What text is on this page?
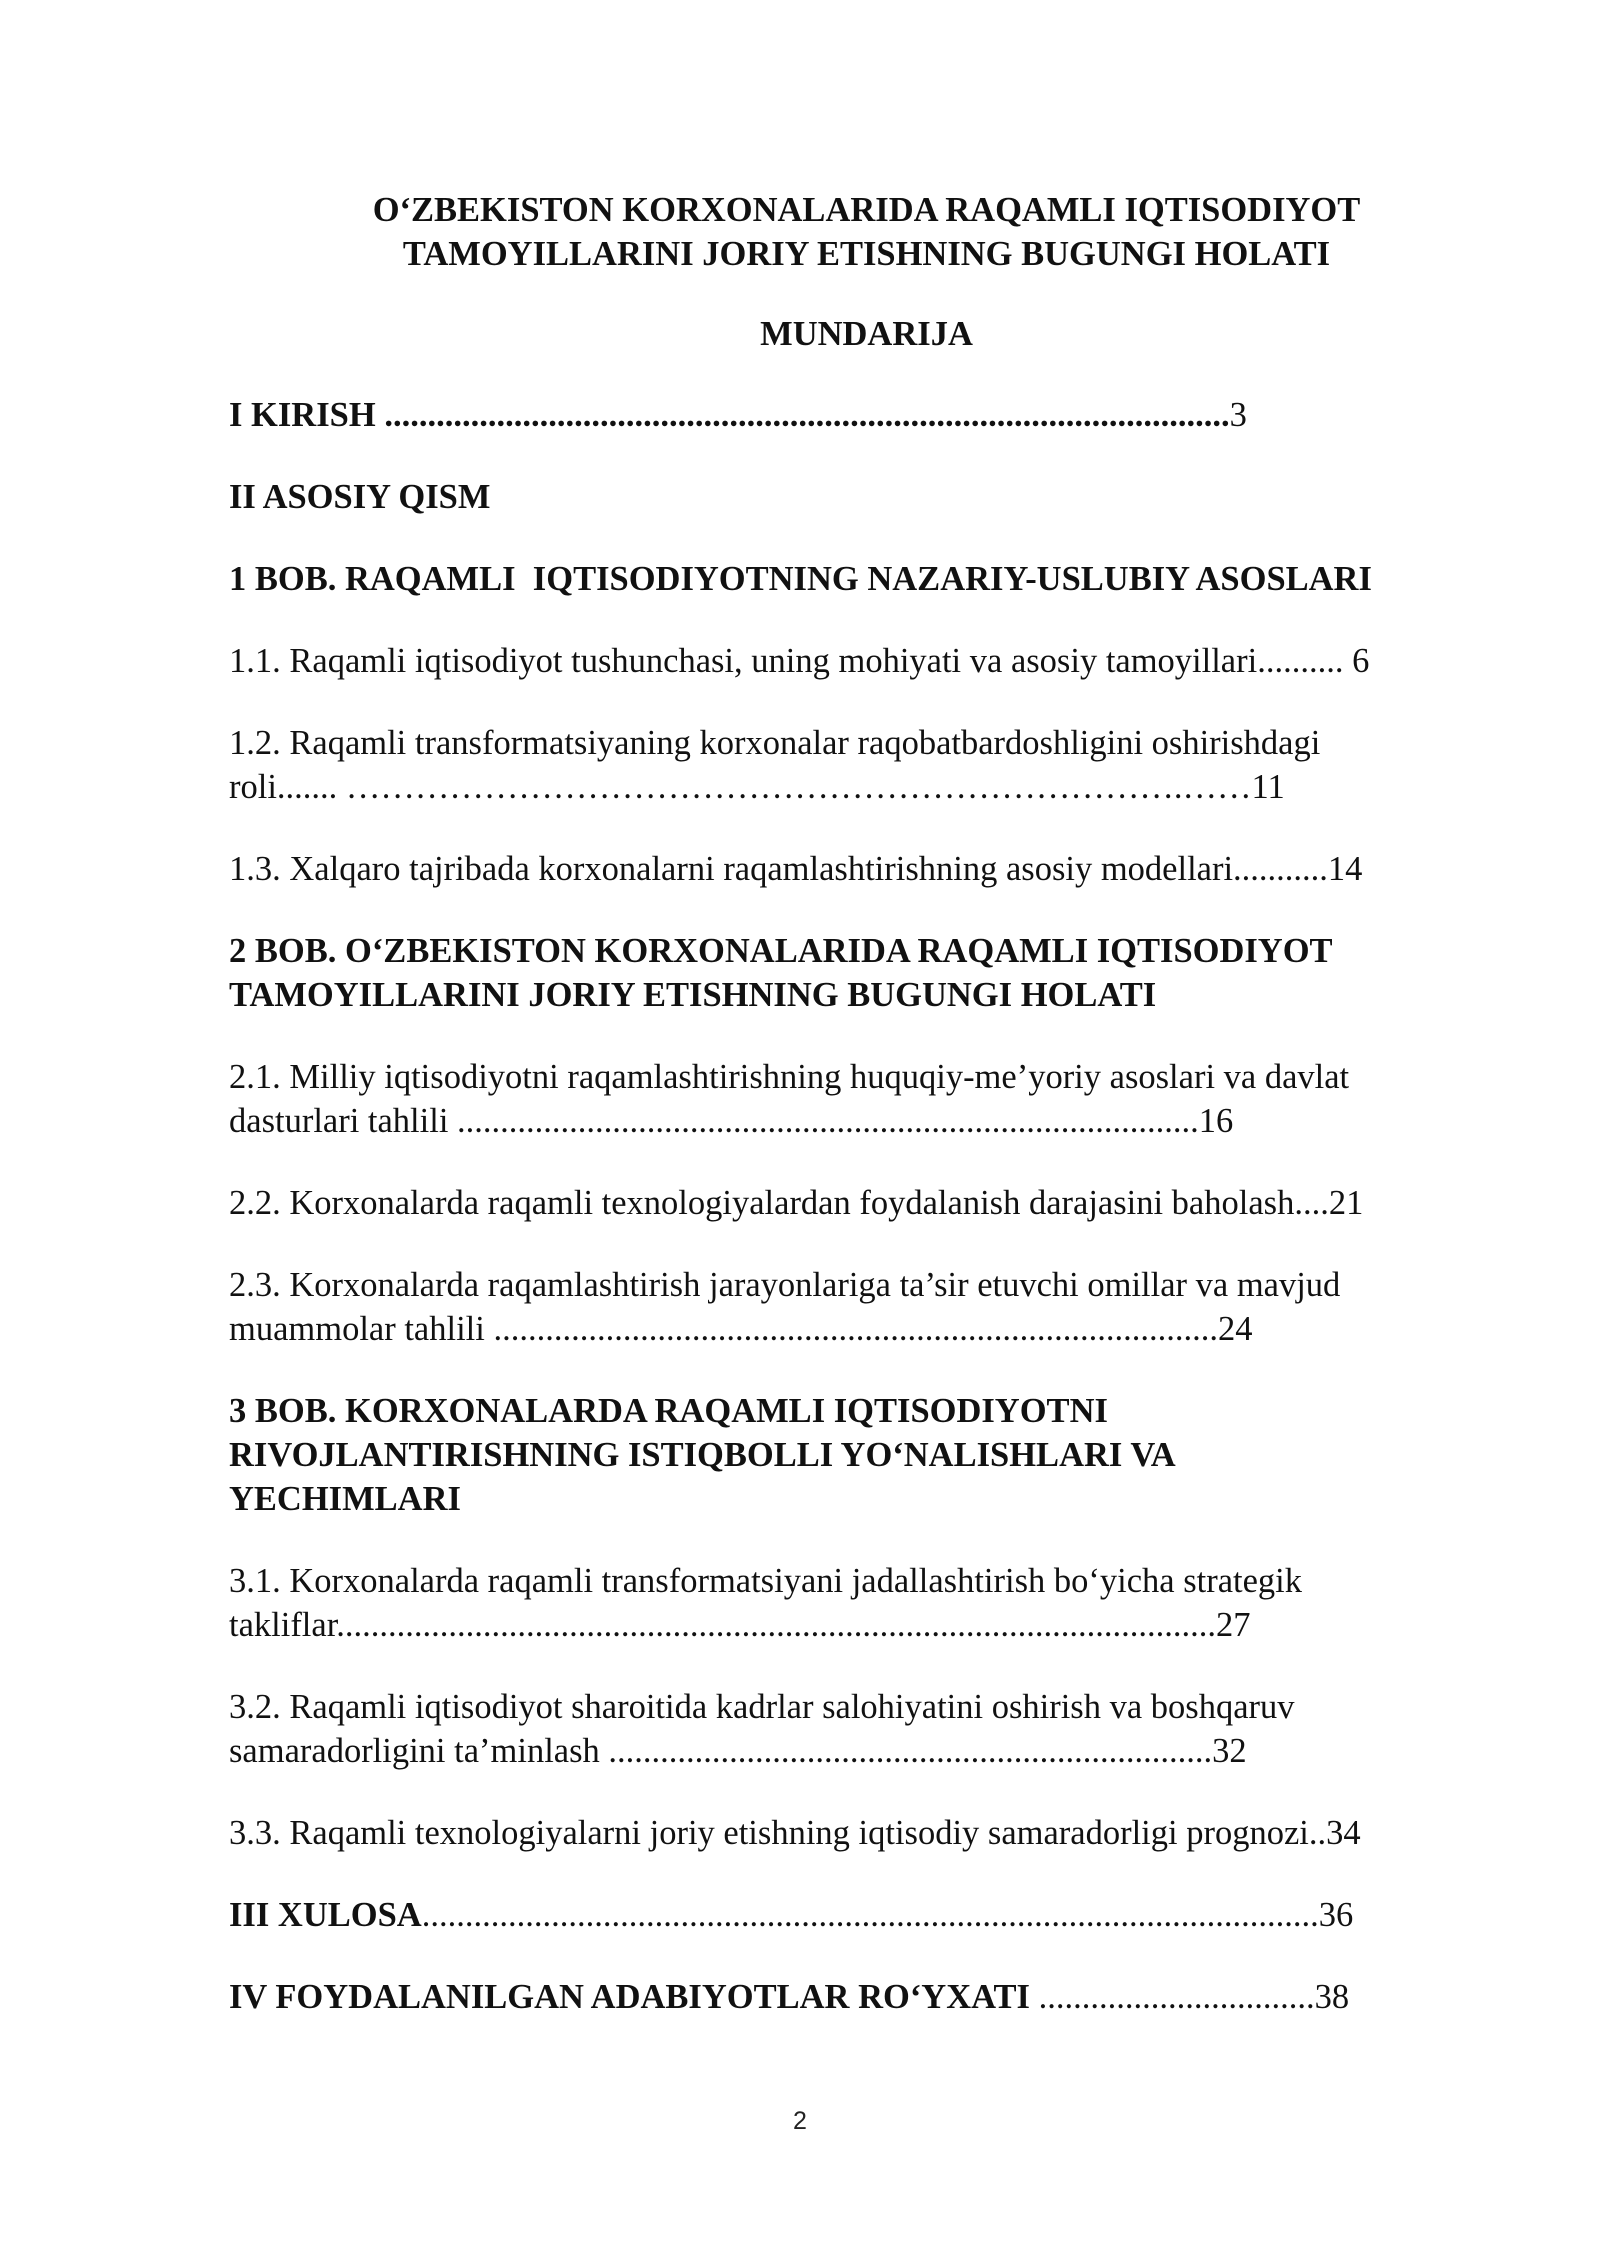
O‘ZBEKISTON KORXONALARIDA RAQAMLI IQTISODIYOT
TAMOYILLARINI JORIY ETISHNING BUGUNGI HOLATI
MUNDARIJA
I KIRISH ..................................................................................................3
II ASOSIY QISM
1 BOB. RAQAMLI  IQTISODIYOTNING NAZARIY-USLUBIY ASOSLARI
1.1. Raqamli iqtisodiyot tushunchasi, uning mohiyati va asosiy tamoyillari.......... 6
1.2. Raqamli transformatsiyaning korxonalar raqobatbardoshligini oshirishdagi
roli....... ……………………………………………………………….……11
1.3. Xalqaro tajribada korxonalarni raqamlashtirishning asosiy modellari...........14
2 BOB. O‘ZBEKISTON KORXONALARIDA RAQAMLI IQTISODIYOT
TAMOYILLARINI JORIY ETISHNING BUGUNGI HOLATI
2.1. Milliy iqtisodiyotni raqamlashtirishning huquqiy-me’yoriy asoslari va davlat
dasturlari tahlili ......................................................................................16
2.2. Korxonalarda raqamli texnologiyalardan foydalanish darajasini baholash....21
2.3. Korxonalarda raqamlashtirish jarayonlariga ta’sir etuvchi omillar va mavjud
muammolar tahlili ....................................................................................24
3 BOB. KORXONALARDA RAQAMLI IQTISODIYOTNI
RIVOJLANTIRISHNING ISTIQBOLLI YO‘NALISHLARI VA
YECHIMLARI
3.1. Korxonalarda raqamli transformatsiyani jadallashtirish bo‘yicha strategik
takliflar......................................................................................................27
3.2. Raqamli iqtisodiyot sharoitida kadrlar salohiyatini oshirish va boshqaruv
samaradorligini ta’minlash ......................................................................32
3.3. Raqamli texnologiyalarni joriy etishning iqtisodiy samaradorligi prognozi..34
III XULOSA........................................................................................................36
IV FOYDALANILGAN ADABIYOTLAR RO‘YXATI ................................38
2
